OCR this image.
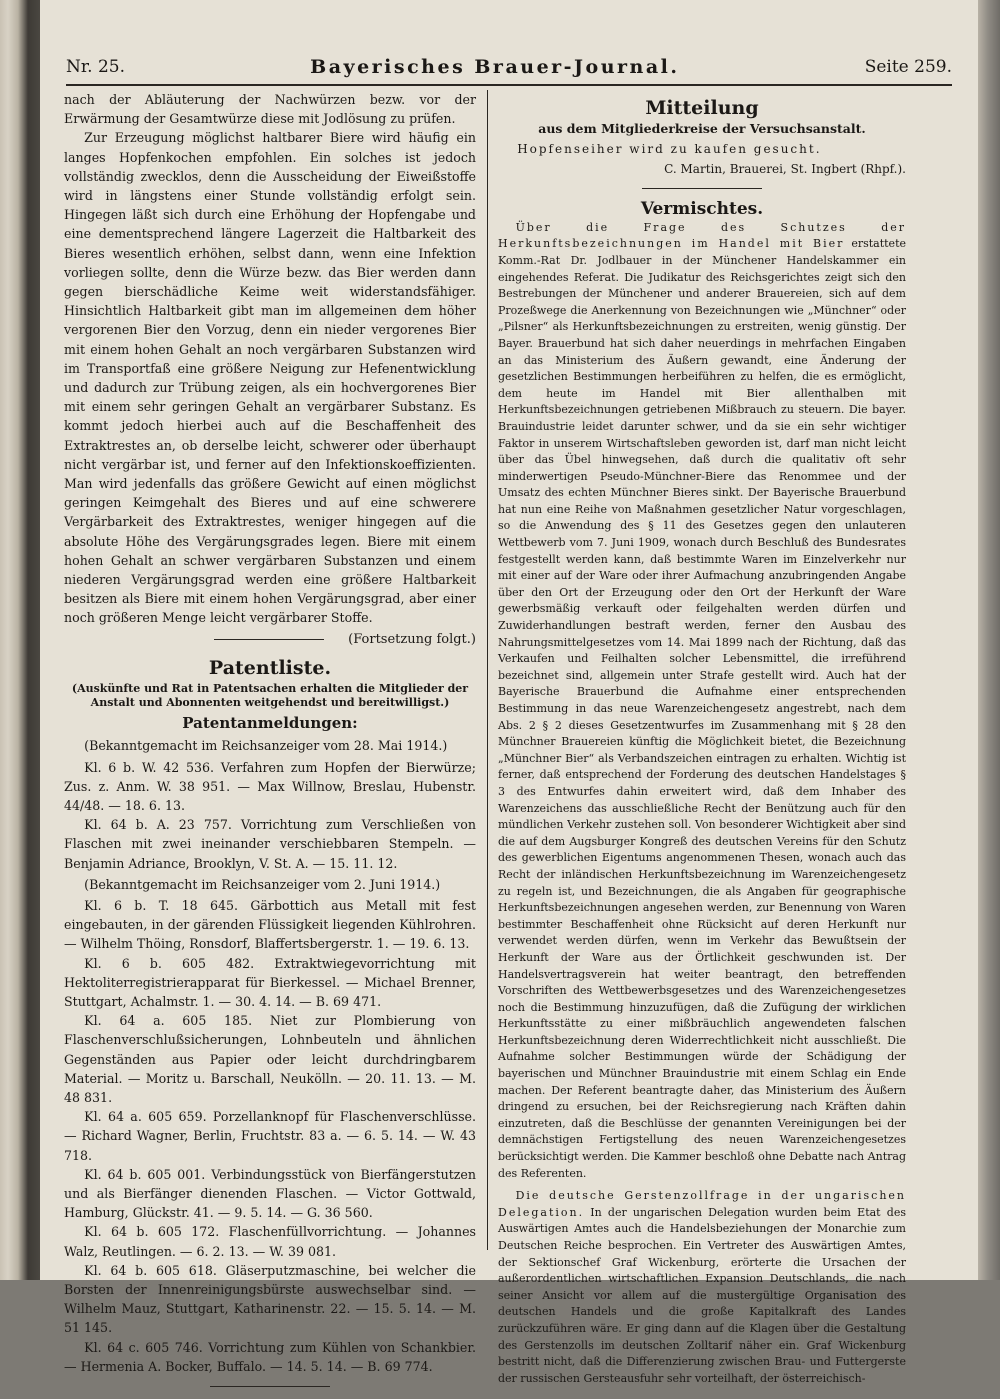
Nr. 25.	Bayerisches Brauer-Journal.	Seite 259.

nach der Abläuterung der Nachwürzen bezw. vor der Erwärmung der Gesamtwürze diese mit Jodlösung zu prüfen.

Zur Erzeugung möglichst haltbarer Biere wird häufig ein langes Hopfenkochen empfohlen. Ein solches ist jedoch vollständig zwecklos, denn die Ausscheidung der Eiweißstoffe wird in längstens einer Stunde vollständig erfolgt sein. Hingegen läßt sich durch eine Erhöhung der Hopfengabe und eine dementsprechend längere Lagerzeit die Haltbarkeit des Bieres wesentlich erhöhen, selbst dann, wenn eine Infektion vorliegen sollte, denn die Würze bezw. das Bier werden dann gegen bierschädliche Keime weit widerstandsfähiger. Hinsichtlich Haltbarkeit gibt man im allgemeinen dem höher vergorenen Bier den Vorzug, denn ein nieder vergorenes Bier mit einem hohen Gehalt an noch vergärbaren Substanzen wird im Transportfaß eine größere Neigung zur Hefenentwicklung und dadurch zur Trübung zeigen, als ein hochvergorenes Bier mit einem sehr geringen Gehalt an vergärbarer Substanz. Es kommt jedoch hierbei auch auf die Beschaffenheit des Extraktrestes an, ob derselbe leicht, schwerer oder überhaupt nicht vergärbar ist, und ferner auf den Infektionskoeffizienten. Man wird jedenfalls das größere Gewicht auf einen möglichst geringen Keimgehalt des Bieres und auf eine schwerere Vergärbarkeit des Extraktrestes, weniger hingegen auf die absolute Höhe des Vergärungsgrades legen. Biere mit einem hohen Gehalt an schwer vergärbaren Substanzen und einem niederen Vergärungsgrad werden eine größere Haltbarkeit besitzen als Biere mit einem hohen Vergärungsgrad, aber einer noch größeren Menge leicht vergärbarer Stoffe.

(Fortsetzung folgt.)
Patentliste.
(Auskünfte und Rat in Patentsachen erhalten die Mitglieder der Anstalt und Abonnenten weitgehendst und bereitwilligst.)
Patentanmeldungen:

(Bekanntgemacht im Reichsanzeiger vom 28. Mai 1914.)

Kl. 6 b. W. 42 536. Verfahren zum Hopfen der Bierwürze; Zus. z. Anm. W. 38 951. — Max Willnow, Breslau, Hubenstr. 44/48. — 18. 6. 13.

Kl. 64 b. A. 23 757. Vorrichtung zum Verschließen von Flaschen mit zwei ineinander verschiebbaren Stempeln. — Benjamin Adriance, Brooklyn, V. St. A. — 15. 11. 12.

(Bekanntgemacht im Reichsanzeiger vom 2. Juni 1914.)

Kl. 6 b. T. 18 645. Gärbottich aus Metall mit fest eingebauten, in der gärenden Flüssigkeit liegenden Kühlrohren. — Wilhelm Thöing, Ronsdorf, Blaffertsbergerstr. 1. — 19. 6. 13.

Kl. 6 b. 605 482. Extraktwiegevorrichtung mit Hektoliterregistrierapparat für Bierkessel. — Michael Brenner, Stuttgart, Achalmstr. 1. — 30. 4. 14. — B. 69 471.

Kl. 64 a. 605 185. Niet zur Plombierung von Flaschenverschlußsicherungen, Lohnbeuteln und ähnlichen Gegenständen aus Papier oder leicht durchdringbarem Material. — Moritz u. Barschall, Neukölln. — 20. 11. 13. — M. 48 831.

Kl. 64 a. 605 659. Porzellanknopf für Flaschenverschlüsse. — Richard Wagner, Berlin, Fruchtstr. 83 a. — 6. 5. 14. — W. 43 718.

Kl. 64 b. 605 001. Verbindungsstück von Bierfängerstutzen und als Bierfänger dienenden Flaschen. — Victor Gottwald, Hamburg, Glückstr. 41. — 9. 5. 14. — G. 36 560.

Kl. 64 b. 605 172. Flaschenfüllvorrichtung. — Johannes Walz, Reutlingen. — 6. 2. 13. — W. 39 081.

Kl. 64 b. 605 618. Gläserputzmaschine, bei welcher die Borsten der Innenreinigungsbürste auswechselbar sind. — Wilhelm Mauz, Stuttgart, Katharinenstr. 22. — 15. 5. 14. — M. 51 145.

Kl. 64 c. 605 746. Vorrichtung zum Kühlen von Schankbier. — Hermenia A. Bocker, Buffalo. — 14. 5. 14. — B. 69 774.

Mitteilung
aus dem Mitgliederkreise der Versuchsanstalt.

Hopfenseiher wird zu kaufen gesucht.

C. Martin, Brauerei, St. Ingbert (Rhpf.).

Vermischtes.

Über die Frage des Schutzes der Herkunftsbezeichnungen im Handel mit Bier erstattete Komm.-Rat Dr. Jodlbauer in der Münchener Handelskammer ein eingehendes Referat. Die Judikatur des Reichsgerichtes zeigt sich den Bestrebungen der Münchener und anderer Brauereien, sich auf dem Prozeßwege die Anerkennung von Bezeichnungen wie „Münchner“ oder „Pilsner“ als Herkunftsbezeichnungen zu erstreiten, wenig günstig. Der Bayer. Brauerbund hat sich daher neuerdings in mehrfachen Eingaben an das Ministerium des Äußern gewandt, eine Änderung der gesetzlichen Bestimmungen herbeiführen zu helfen, die es ermöglicht, dem heute im Handel mit Bier allenthalben mit Herkunftsbezeichnungen getriebenen Mißbrauch zu steuern. Die bayer. Brauindustrie leidet darunter schwer, und da sie ein sehr wichtiger Faktor in unserem Wirtschaftsleben geworden ist, darf man nicht leicht über das Übel hinwegsehen, daß durch die qualitativ oft sehr minderwertigen Pseudo-Münchner-Biere das Renommee und der Umsatz des echten Münchner Bieres sinkt. Der Bayerische Brauerbund hat nun eine Reihe von Maßnahmen gesetzlicher Natur vorgeschlagen, so die Anwendung des § 11 des Gesetzes gegen den unlauteren Wettbewerb vom 7. Juni 1909, wonach durch Beschluß des Bundesrates festgestellt werden kann, daß bestimmte Waren im Einzelverkehr nur mit einer auf der Ware oder ihrer Aufmachung anzubringenden Angabe über den Ort der Erzeugung oder den Ort der Herkunft der Ware gewerbsmäßig verkauft oder feilgehalten werden dürfen und Zuwiderhandlungen bestraft werden, ferner den Ausbau des Nahrungsmittelgesetzes vom 14. Mai 1899 nach der Richtung, daß das Verkaufen und Feilhalten solcher Lebensmittel, die irreführend bezeichnet sind, allgemein unter Strafe gestellt wird. Auch hat der Bayerische Brauerbund die Aufnahme einer entsprechenden Bestimmung in das neue Warenzeichengesetz angestrebt, nach dem Abs. 2 § 2 dieses Gesetzentwurfes im Zusammenhang mit § 28 den Münchner Brauereien künftig die Möglichkeit bietet, die Bezeichnung „Münchner Bier“ als Verbandszeichen eintragen zu erhalten. Wichtig ist ferner, daß entsprechend der Forderung des deutschen Handelstages § 3 des Entwurfes dahin erweitert wird, daß dem Inhaber des Warenzeichens das ausschließliche Recht der Benützung auch für den mündlichen Verkehr zustehen soll. Von besonderer Wichtigkeit aber sind die auf dem Augsburger Kongreß des deutschen Vereins für den Schutz des gewerblichen Eigentums angenommenen Thesen, wonach auch das Recht der inländischen Herkunftsbezeichnung im Warenzeichengesetz zu regeln ist, und Bezeichnungen, die als Angaben für geographische Herkunftsbezeichnungen angesehen werden, zur Benennung von Waren bestimmter Beschaffenheit ohne Rücksicht auf deren Herkunft nur verwendet werden dürfen, wenn im Verkehr das Bewußtsein der Herkunft der Ware aus der Örtlichkeit geschwunden ist. Der Handelsvertragsverein hat weiter beantragt, den betreffenden Vorschriften des Wettbewerbsgesetzes und des Warenzeichengesetzes noch die Bestimmung hinzuzufügen, daß die Zufügung der wirklichen Herkunftsstätte zu einer mißbräuchlich angewendeten falschen Herkunftsbezeichnung deren Widerrechtlichkeit nicht ausschließt. Die Aufnahme solcher Bestimmungen würde der Schädigung der bayerischen und Münchner Brauindustrie mit einem Schlag ein Ende machen. Der Referent beantragte daher, das Ministerium des Äußern dringend zu ersuchen, bei der Reichsregierung nach Kräften dahin einzutreten, daß die Beschlüsse der genannten Vereinigungen bei der demnächstigen Fertigstellung des neuen Warenzeichengesetzes berücksichtigt werden. Die Kammer beschloß ohne Debatte nach Antrag des Referenten.

Die deutsche Gerstenzollfrage in der ungarischen Delegation. In der ungarischen Delegation wurden beim Etat des Auswärtigen Amtes auch die Handelsbeziehungen der Monarchie zum Deutschen Reiche besprochen. Ein Vertreter des Auswärtigen Amtes, der Sektionschef Graf Wickenburg, erörterte die Ursachen der außerordentlichen wirtschaftlichen Expansion Deutschlands, die nach seiner Ansicht vor allem auf die mustergültige Organisation des deutschen Handels und die große Kapitalkraft des Landes zurückzuführen wäre. Er ging dann auf die Klagen über die Gestaltung des Gerstenzolls im deutschen Zolltarif näher ein. Graf Wickenburg bestritt nicht, daß die Differenzierung zwischen Brau- und Futtergerste der russischen Gersteausfuhr sehr vorteilhaft, der österreichisch-
